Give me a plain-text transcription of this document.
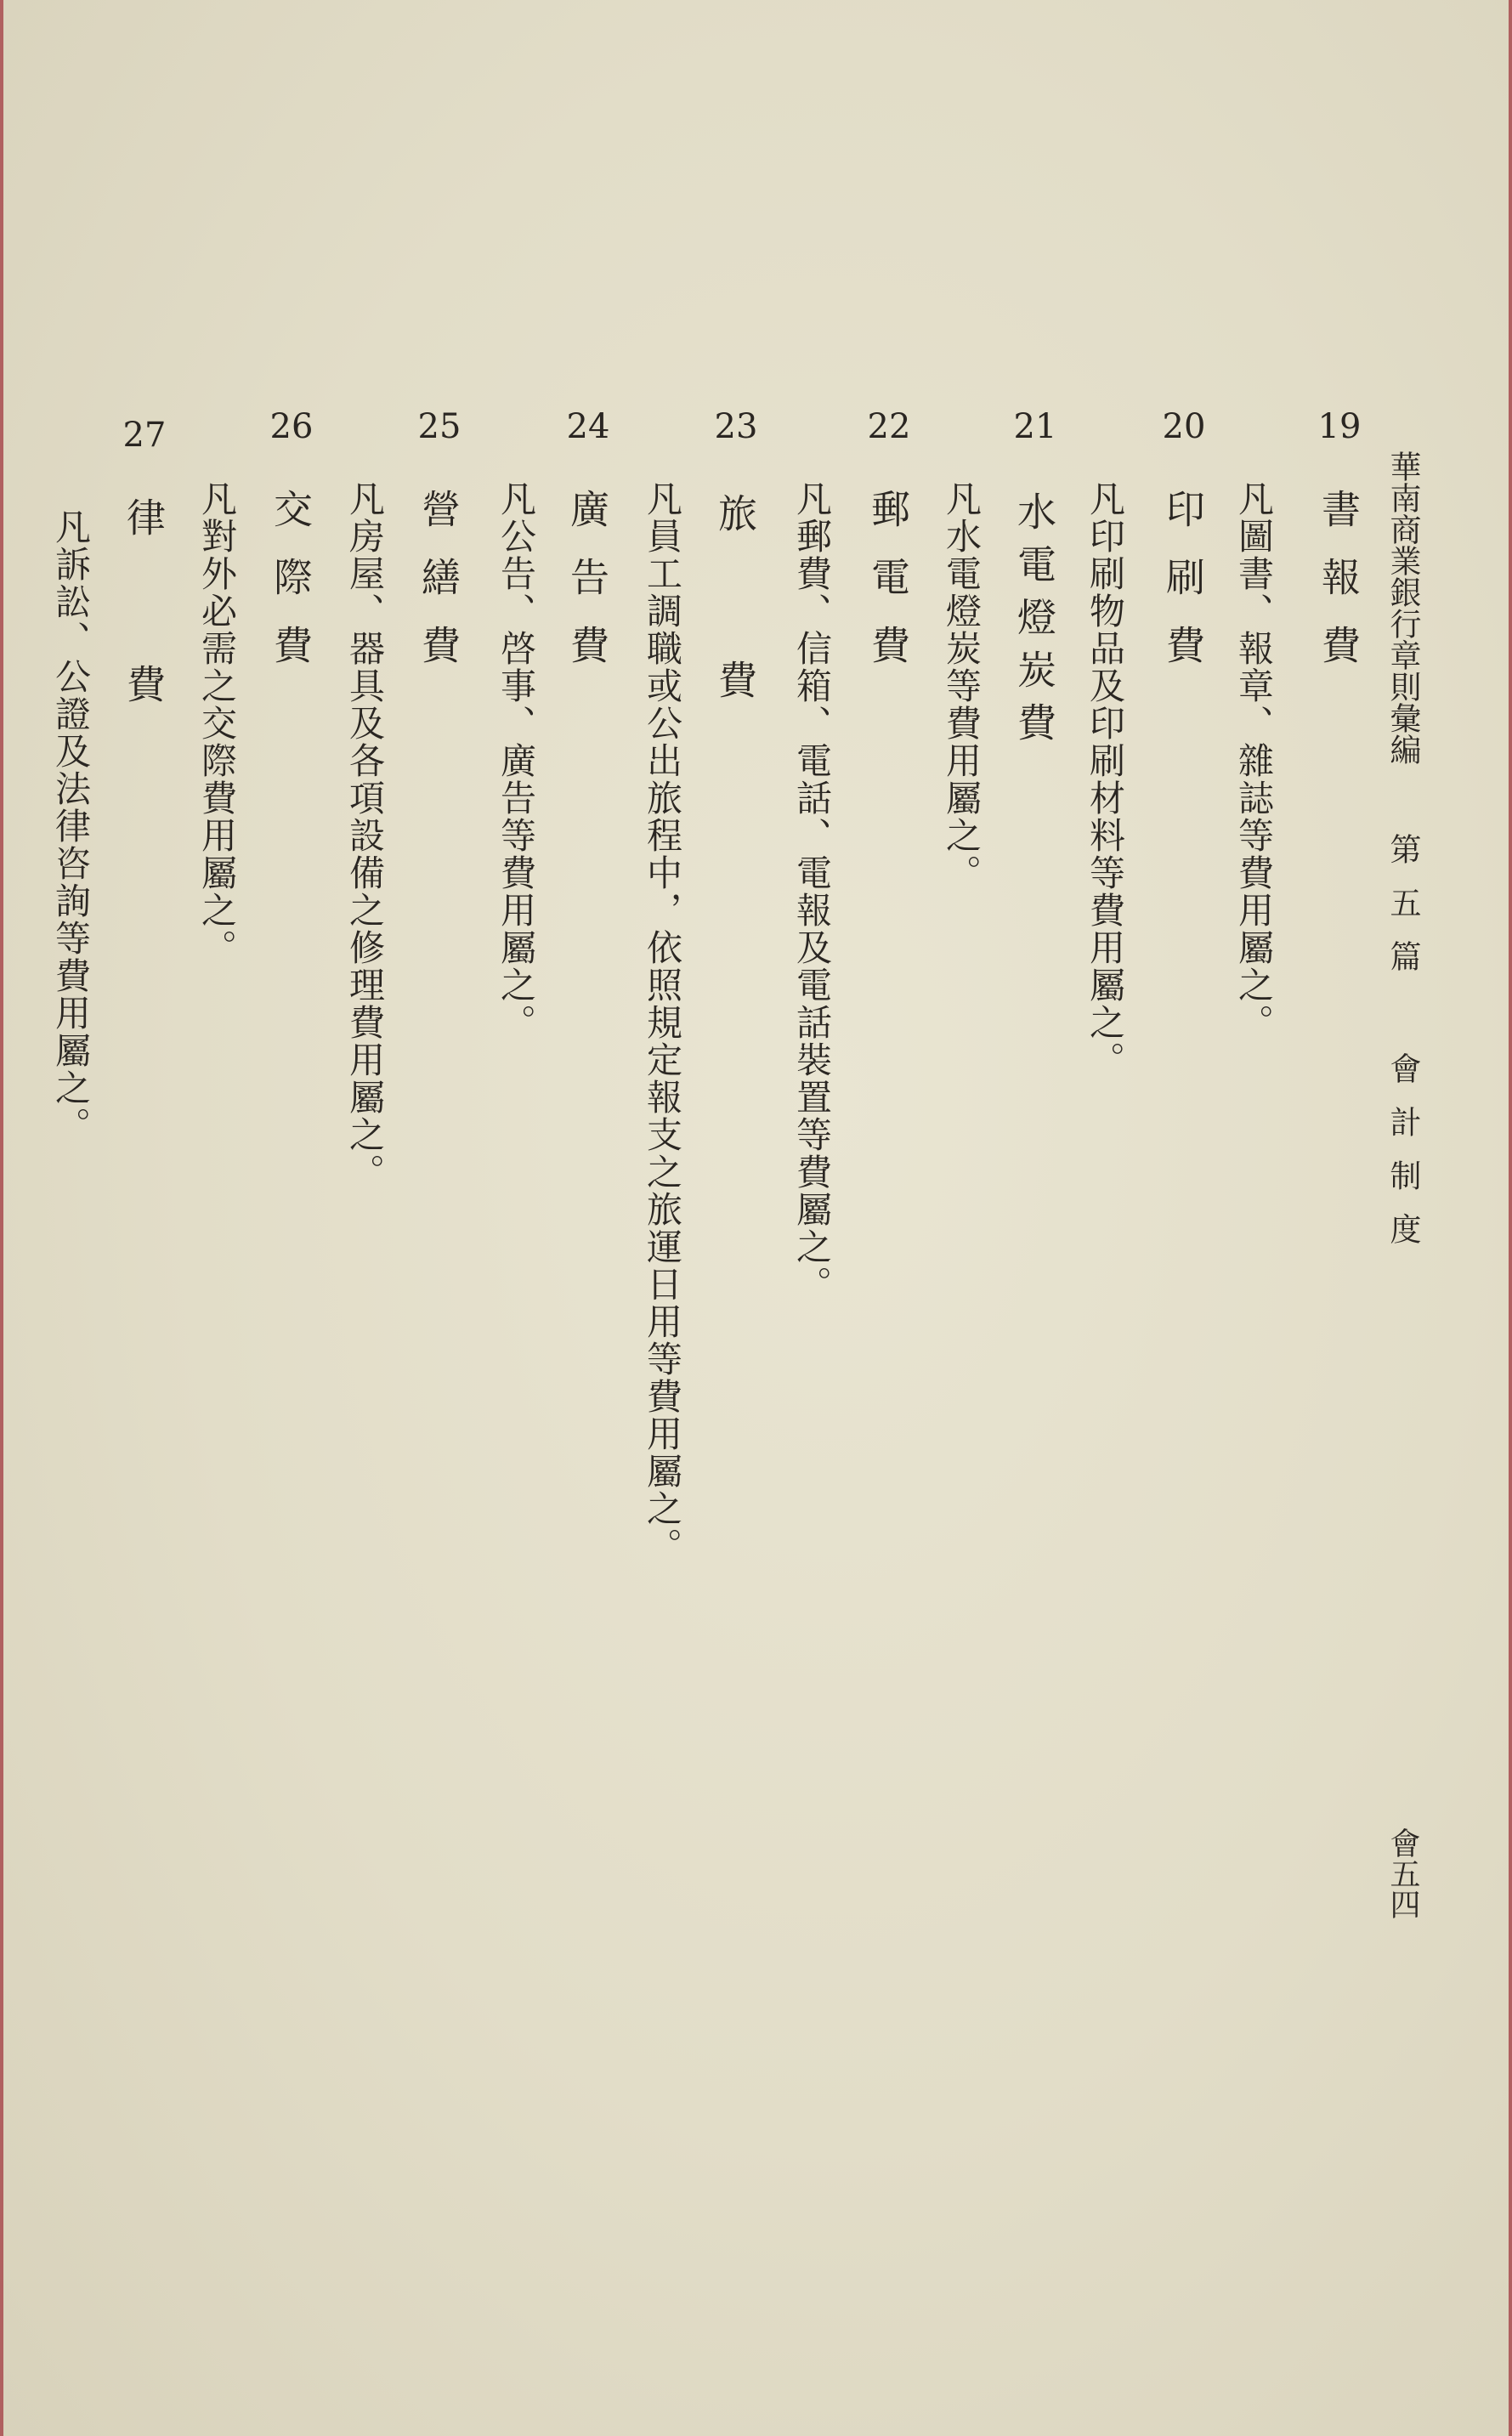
華南商業銀行章則彙編
第五篇 會計制度
會五四
19
書報費
凡圖書、報章、雜誌等費用屬之。
20
印刷費
凡印刷物品及印刷材料等費用屬之。
21
水電燈炭費
凡水電燈炭等費用屬之。
22
郵電費
凡郵費、信箱、電話、電報及電話裝置等費屬之。
23
旅費
凡員工調職或公出旅程中，依照規定報支之旅運日用等費用屬之。
24
廣告費
凡公告、啓事、廣告等費用屬之。
25
營繕費
凡房屋、器具及各項設備之修理費用屬之。
26
交際費
凡對外必需之交際費用屬之。
27
律費
凡訴訟、公證及法律咨詢等費用屬之。
